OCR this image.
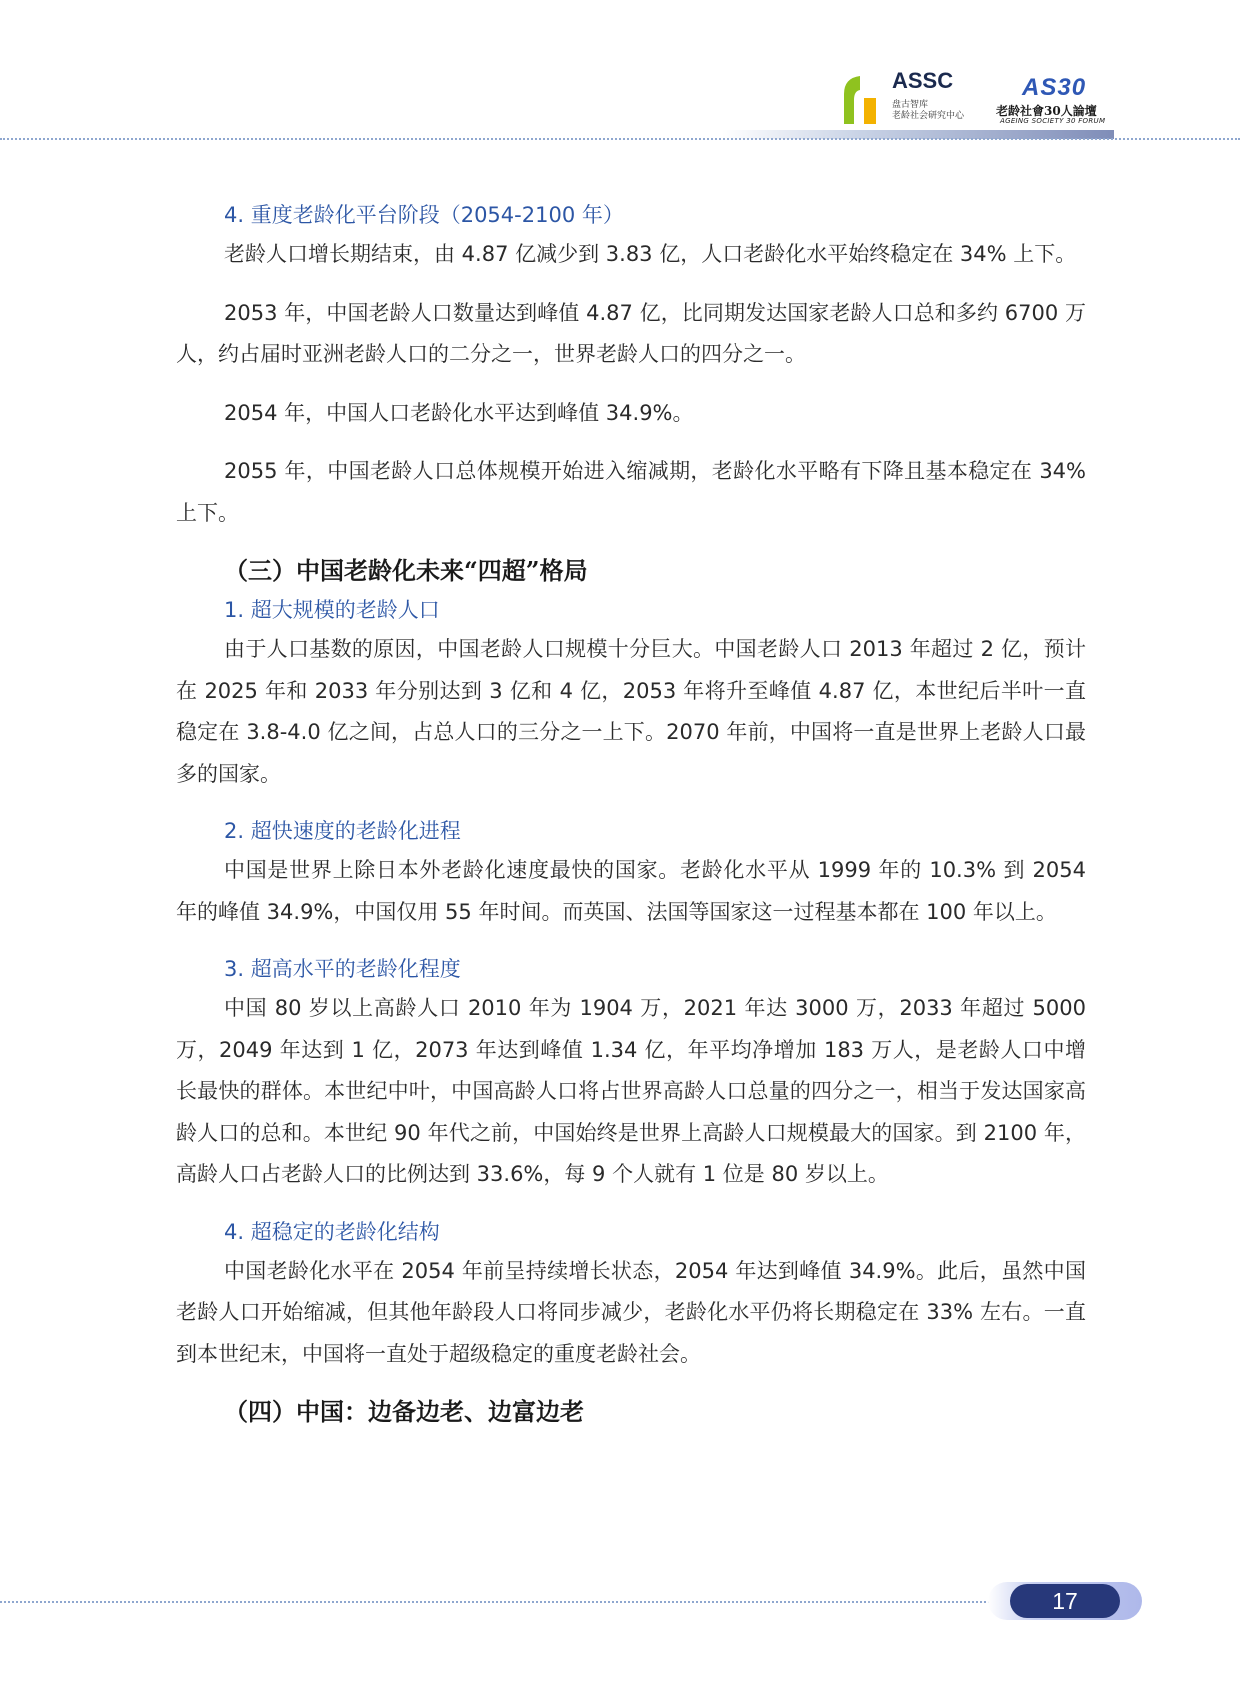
ASSC
盘古智库
老龄社会研究中心
AS30
老龄社會30人論壇
AGEING SOCIETY 30 FORUM
4. 重度老龄化平台阶段（2054-2100 年）

老龄人口增长期结束，由 4.87 亿减少到 3.83 亿，人口老龄化水平始终稳定在 34% 上下。

2053 年，中国老龄人口数量达到峰值 4.87 亿，比同期发达国家老龄人口总和多约 6700 万人，约占届时亚洲老龄人口的二分之一，世界老龄人口的四分之一。

2054 年，中国人口老龄化水平达到峰值 34.9%。

2055 年，中国老龄人口总体规模开始进入缩减期，老龄化水平略有下降且基本稳定在 34% 上下。

（三）中国老龄化未来“四超”格局
1. 超大规模的老龄人口

由于人口基数的原因，中国老龄人口规模十分巨大。中国老龄人口 2013 年超过 2 亿，预计在 2025 年和 2033 年分别达到 3 亿和 4 亿，2053 年将升至峰值 4.87 亿，本世纪后半叶一直稳定在 3.8-4.0 亿之间，占总人口的三分之一上下。2070 年前，中国将一直是世界上老龄人口最多的国家。

2. 超快速度的老龄化进程

中国是世界上除日本外老龄化速度最快的国家。老龄化水平从 1999 年的 10.3% 到 2054 年的峰值 34.9%，中国仅用 55 年时间。而英国、法国等国家这一过程基本都在 100 年以上。

3. 超高水平的老龄化程度

中国 80 岁以上高龄人口 2010 年为 1904 万，2021 年达 3000 万，2033 年超过 5000 万，2049 年达到 1 亿，2073 年达到峰值 1.34 亿，年平均净增加 183 万人，是老龄人口中增长最快的群体。本世纪中叶，中国高龄人口将占世界高龄人口总量的四分之一，相当于发达国家高龄人口的总和。本世纪 90 年代之前，中国始终是世界上高龄人口规模最大的国家。到 2100 年，高龄人口占老龄人口的比例达到 33.6%，每 9 个人就有 1 位是 80 岁以上。

4. 超稳定的老龄化结构

中国老龄化水平在 2054 年前呈持续增长状态，2054 年达到峰值 34.9%。此后，虽然中国老龄人口开始缩减，但其他年龄段人口将同步减少，老龄化水平仍将长期稳定在 33% 左右。一直到本世纪末，中国将一直处于超级稳定的重度老龄社会。

（四）中国：边备边老、边富边老
17
